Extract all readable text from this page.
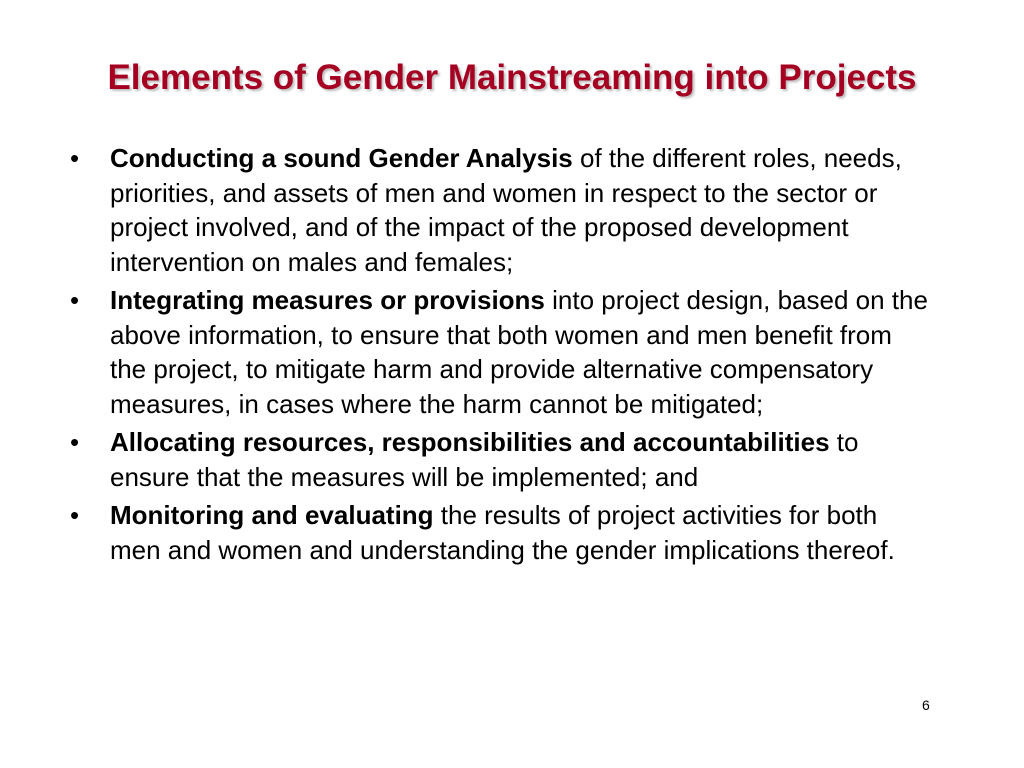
Elements of Gender Mainstreaming into Projects
• Conducting a sound Gender Analysis of the different roles, needs, priorities, and assets of men and women in respect to the sector or project involved, and of the impact of the proposed development intervention on males and females;
• Integrating measures or provisions into project design, based on the above information, to ensure that both women and men benefit from the project, to mitigate harm and provide alternative compensatory measures, in cases where the harm cannot be mitigated;
• Allocating resources, responsibilities and accountabilities to ensure that the measures will be implemented; and
• Monitoring and evaluating the results of project activities for both men and women and understanding the gender implications thereof.
6
